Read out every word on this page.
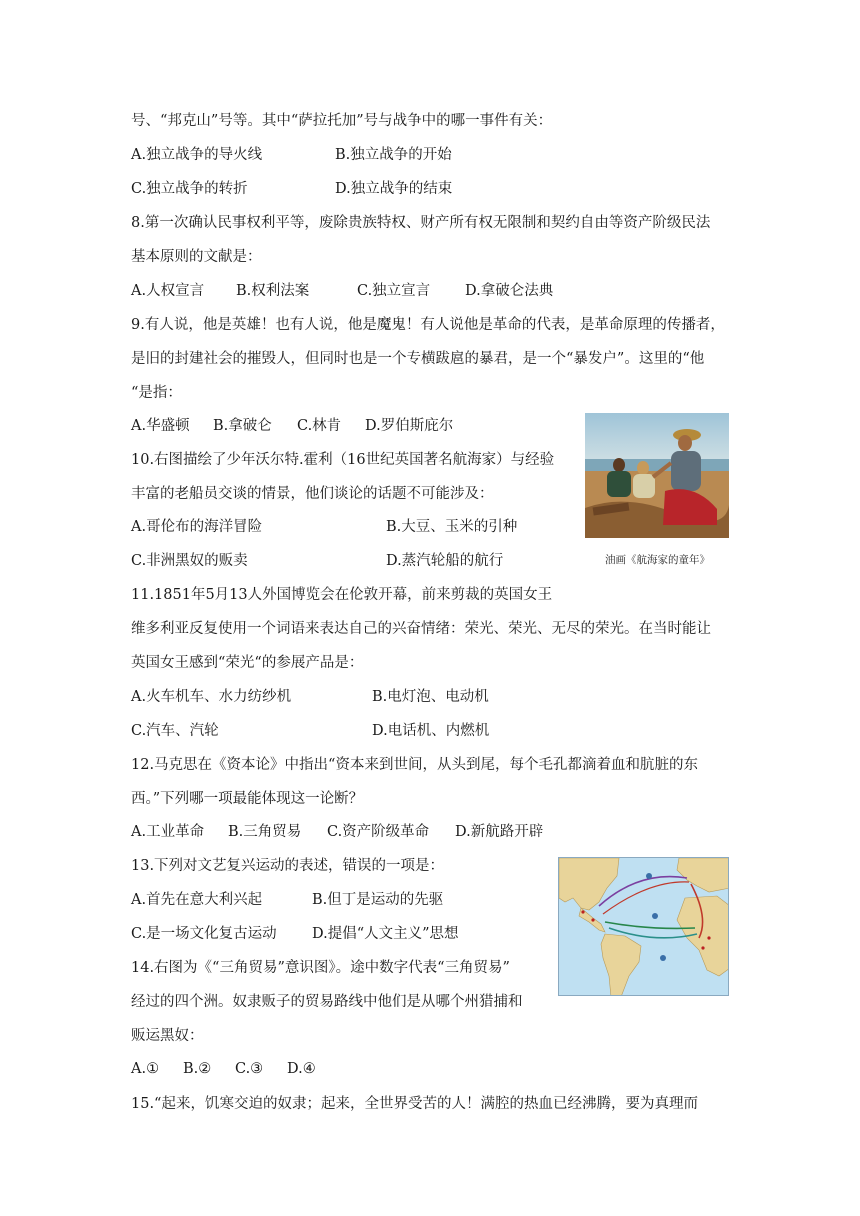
号、“邦克山”号等。其中“萨拉托加”号与战争中的哪一事件有关：
A.独立战争的导火线	B.独立战争的开始
C.独立战争的转折	D.独立战争的结束
8.第一次确认民事权利平等，废除贵族特权、财产所有权无限制和契约自由等资产阶级民法
基本原则的文献是：
A.人权宣言 B.权利法案	C.独立宣言 D.拿破仑法典
9.有人说，他是英雄！也有人说，他是魔鬼！有人说他是革命的代表，是革命原理的传播者，
是旧的封建社会的摧毁人，但同时也是一个专横跋扈的暴君，是一个“暴发户”。这里的“他
“是指：
A.华盛顿 B.拿破仑 C.林肯 D.罗伯斯庇尔
10.右图描绘了少年沃尔特.霍利（16世纪英国著名航海家）与经验
丰富的老船员交谈的情景，他们谈论的话题不可能涉及：
A.哥伦布的海洋冒险	B.大豆、玉米的引种
C.非洲黑奴的贩卖	D.蒸汽轮船的航行	油画《航海家的童年》
11.1851年5月13人外国博览会在伦敦开幕，前来剪裁的英国女王
维多利亚反复使用一个词语来表达自己的兴奋情绪：荣光、荣光、无尽的荣光。在当时能让
英国女王感到“荣光“的参展产品是：
A.火车机车、水力纺纱机	B.电灯泡、电动机
C.汽车、汽轮	D.电话机、内燃机
12.马克思在《资本论》中指出“资本来到世间，从头到尾，每个毛孔都滴着血和肮脏的东
西。”下列哪一项最能体现这一论断？
A.工业革命 B.三角贸易 C.资产阶级革命 D.新航路开辟
13.下列对文艺复兴运动的表述，错误的一项是：
A.首先在意大利兴起	B.但丁是运动的先驱
C.是一场文化复古运动 D.提倡“人文主义”思想
14.右图为《“三角贸易”意识图》。途中数字代表“三角贸易”
经过的四个洲。奴隶贩子的贸易路线中他们是从哪个州猎捕和
贩运黑奴：
A.① B.② C.③ D.④
15.“起来，饥寒交迫的奴隶；起来，全世界受苦的人！满腔的热血已经沸腾，要为真理而
